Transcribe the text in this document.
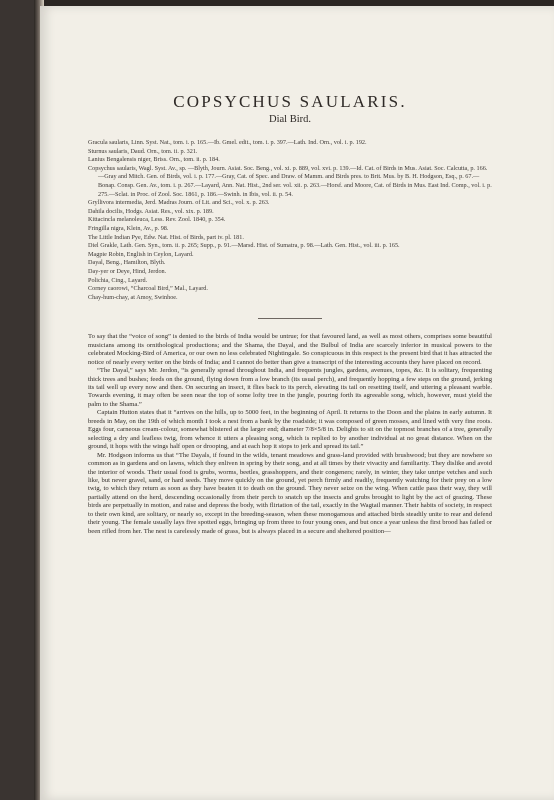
COPSYCHUS SAULARIS.
Dial Bird.

Gracula saularis, Linn. Syst. Nat., tom. i. p. 165.—Ib. Gmel. edit., tom. i. p. 397.—Lath. Ind. Orn., vol. i. p. 192.

Sturnus saularis, Daud. Orn., tom. ii. p. 321.

Lanius Bengalensis niger, Briss. Orn., tom. ii. p. 184.

Copsychus saularis, Wagl. Syst. Av., sp. —Blyth, Journ. Asiat. Soc. Beng., vol. xi. p. 889, vol. xvi. p. 139.—Id. Cat. of Birds in Mus. Asiat. Soc. Calcutta, p. 166.—Gray and Mitch. Gen. of Birds, vol. i. p. 177.—Gray, Cat. of Spec. and Draw. of Mamm. and Birds pres. to Brit. Mus. by B. H. Hodgson, Esq., p. 67.—Bonap. Consp. Gen. Av., tom. i. p. 267.—Layard, Ann. Nat. Hist., 2nd ser. vol. xii. p. 263.—Horsf. and Moore, Cat. of Birds in Mus. East Ind. Comp., vol. i. p. 275.—Sclat. in Proc. of Zool. Soc. 1861, p. 186.—Swinh. in Ibis, vol. ii. p. 54.

Gryllivora intermedia, Jerd. Madras Journ. of Lit. and Sci., vol. x. p. 263.

Dahila docilis, Hodgs. Asiat. Res., vol. xix. p. 189.

Kittacincla melanoleuca, Less. Rev. Zool. 1840, p. 354.

Fringilla nigra, Klein, Av., p. 98.

The Little Indian Pye, Edw. Nat. Hist. of Birds, part iv. pl. 181.

Diel Grakle, Lath. Gen. Syn., tom. ii. p. 265; Supp., p. 91.—Marsd. Hist. of Sumatra, p. 98.—Lath. Gen. Hist., vol. iii. p. 165.

Magpie Robin, English in Ceylon, Layard.

Dayal, Beng., Hamilton, Blyth.

Day-yer or Deye, Hind, Jerdon.

Polichia, Cing., Layard.

Corney caorowi, “Charcoal Bird,” Mal., Layard.

Chay-hum-chay, at Amoy, Swinhoe.

To say that the “voice of song” is denied to the birds of India would be untrue; for that favoured land, as well as most others, comprises some beautiful musicians among its ornithological productions; and the Shama, the Dayal, and the Bulbul of India are scarcely inferior in musical powers to the celebrated Mocking-Bird of America, or our own no less celebrated Nightingale. So conspicuous in this respect is the present bird that it has attracted the notice of nearly every writer on the birds of India; and I cannot do better than give a transcript of the interesting accounts they have placed on record.

“The Dayal,” says Mr. Jerdon, “is generally spread throughout India, and frequents jungles, gardens, avenues, topes, &c. It is solitary, frequenting thick trees and bushes; feeds on the ground, flying down from a low branch (its usual perch), and frequently hopping a few steps on the ground, jerking its tail well up every now and then. On securing an insect, it flies back to its perch, elevating its tail on resetting itself, and uttering a pleasant warble. Towards evening, it may often be seen near the top of some lofty tree in the jungle, pouring forth its agreeable song, which, however, must yield the palm to the Shama.”

Captain Hutton states that it “arrives on the hills, up to 5000 feet, in the beginning of April. It returns to the Doon and the plains in early autumn. It breeds in May, on the 19th of which month I took a nest from a bank by the roadside; it was composed of green mosses, and lined with very fine roots. Eggs four, carneous cream-colour, somewhat blistered at the larger end; diameter 7/8×5/8 in. Delights to sit on the topmost branches of a tree, generally selecting a dry and leafless twig, from whence it utters a pleasing song, which is replied to by another individual at no great distance. When on the ground, it hops with the wings half open or drooping, and at each hop it stops to jerk and spread its tail.”

Mr. Hodgson informs us that “The Dayals, if found in the wilds, tenant meadows and grass-land provided with brushwood; but they are nowhere so common as in gardens and on lawns, which they enliven in spring by their song, and at all times by their vivacity and familiarity. They dislike and avoid the interior of woods. Their usual food is grubs, worms, beetles, grasshoppers, and their congeners; rarely, in winter, they take unripe vetches and such like, but never gravel, sand, or hard seeds. They move quickly on the ground, yet perch firmly and readily, frequently watching for their prey on a low twig, to which they return as soon as they have beaten it to death on the ground. They never seize on the wing. When cattle pass their way, they will partially attend on the herd, descending occasionally from their perch to snatch up the insects and grubs brought to light by the act of grazing. These birds are perpetually in motion, and raise and depress the body, with flirtation of the tail, exactly in the Wagtail manner. Their habits of society, in respect to their own kind, are solitary, or nearly so, except in the breeding-season, when these monogamous and attached birds steadily unite to rear and defend their young. The female usually lays five spotted eggs, bringing up from three to four young ones, and but once a year unless the first brood has failed or been rifled from her. The nest is carelessly made of grass, but is always placed in a secure and sheltered position—
